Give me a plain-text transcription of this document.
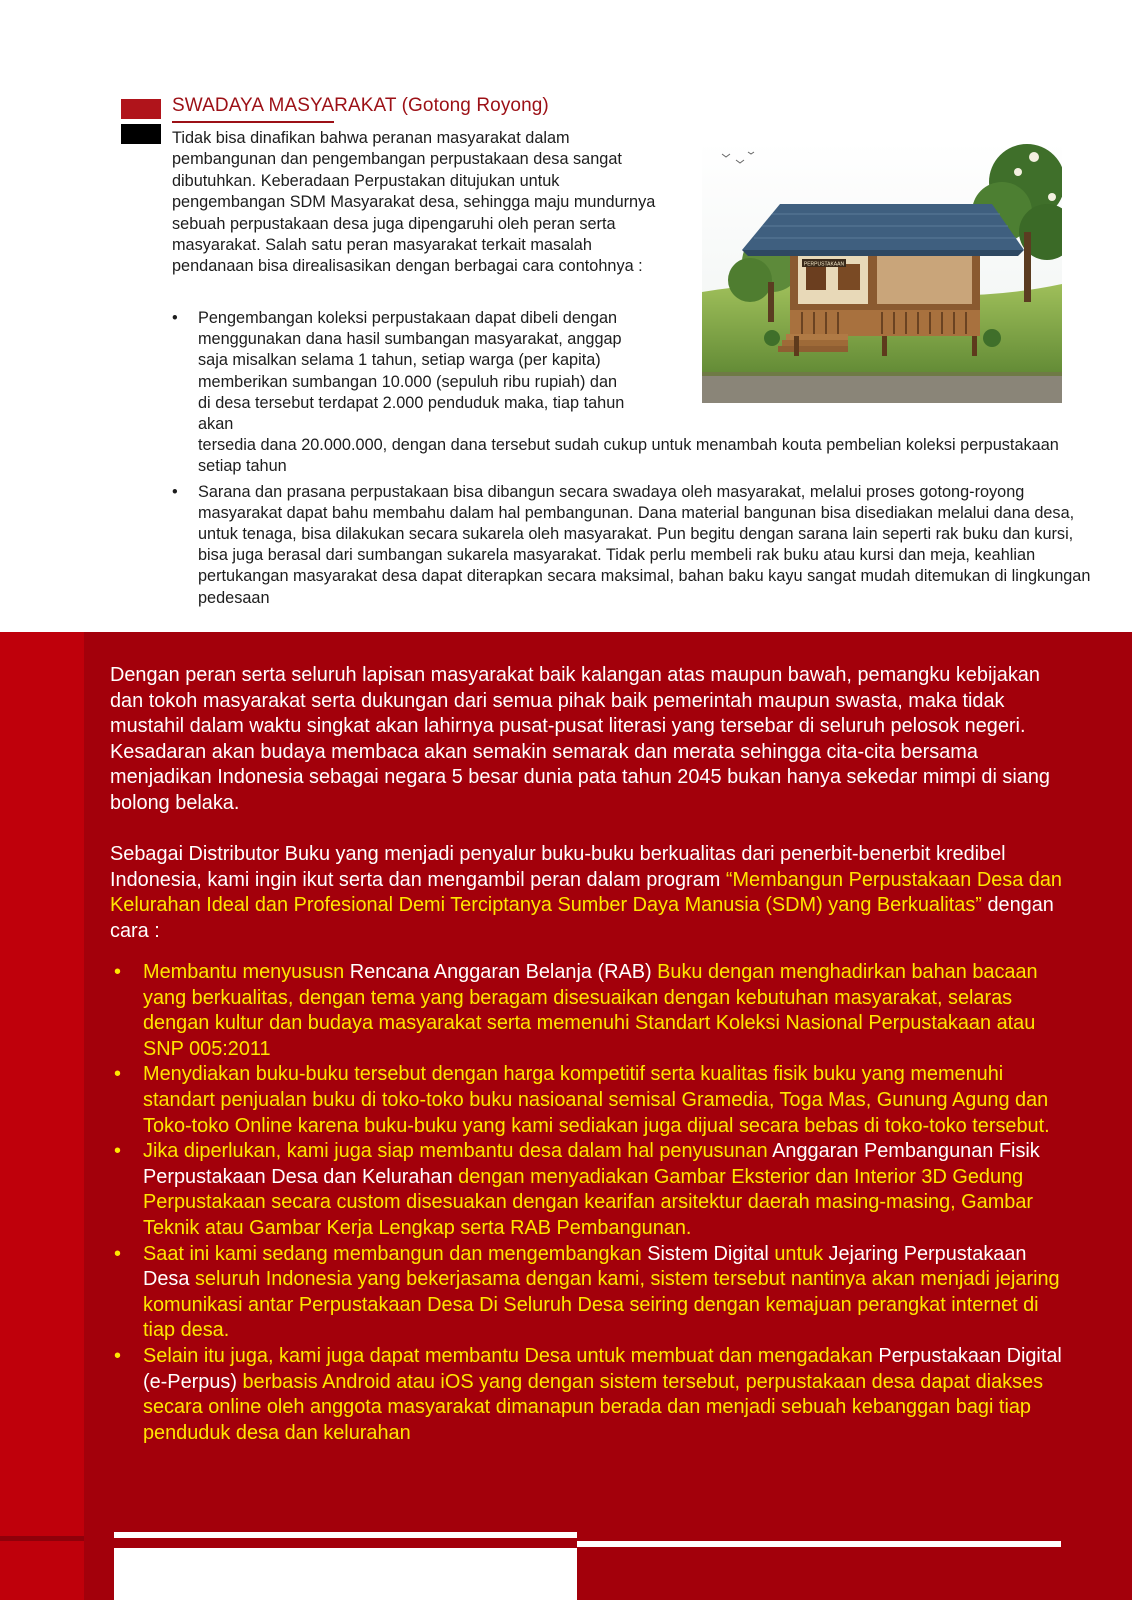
SWADAYA MASYARAKAT (Gotong Royong)

Tidak bisa dinafikan bahwa peranan masyarakat dalam pembangunan dan pengembangan perpustakaan desa sangat dibutuhkan. Keberadaan Perpustakan ditujukan untuk pengembangan SDM Masyarakat desa, sehingga maju mundurnya sebuah perpustakaan desa juga dipengaruhi oleh peran serta masyarakat. Salah satu peran masyarakat terkait masalah pendanaan bisa direalisasikan dengan berbagai cara contohnya :	PERPUSTAKAAN
• Pengembangan koleksi perpustakaan dapat dibeli dengan menggunakan dana hasil sumbangan masyarakat, anggap saja misalkan selama 1 tahun, setiap warga (per kapita) memberikan sumbangan 10.000 (sepuluh ribu rupiah) dan di desa tersebut terdapat 2.000 penduduk maka, tiap tahun akan
tersedia dana 20.000.000, dengan dana tersebut sudah cukup untuk menambah kouta pembelian koleksi perpustakaan setiap tahun
• Sarana dan prasana perpustakaan bisa dibangun secara swadaya oleh masyarakat, melalui proses gotong-royong masyarakat dapat bahu membahu dalam hal pembangunan. Dana material bangunan bisa disediakan melalui dana desa, untuk tenaga, bisa dilakukan secara sukarela oleh masyarakat. Pun begitu dengan sarana lain seperti rak buku dan kursi, bisa juga berasal dari sumbangan sukarela masyarakat. Tidak perlu membeli rak buku atau kursi dan meja, keahlian pertukangan masyarakat desa dapat diterapkan secara maksimal, bahan baku kayu sangat mudah ditemukan di lingkungan pedesaan

Dengan peran serta seluruh lapisan masyarakat baik kalangan atas maupun bawah, pemangku kebijakan dan tokoh masyarakat serta dukungan dari semua pihak baik pemerintah maupun swasta, maka tidak mustahil dalam waktu singkat akan lahirnya pusat-pusat literasi yang tersebar di seluruh pelosok negeri. Kesadaran akan budaya membaca akan semakin semarak dan merata sehingga cita-cita bersama menjadikan Indonesia sebagai negara 5 besar dunia pata tahun 2045 bukan hanya sekedar mimpi di siang bolong belaka.

Sebagai Distributor Buku yang menjadi penyalur buku-buku berkualitas dari penerbit-benerbit kredibel Indonesia, kami ingin ikut serta dan mengambil peran dalam program “Membangun Perpustakaan Desa dan Kelurahan Ideal dan Profesional Demi Terciptanya Sumber Daya Manusia (SDM) yang Berkualitas” dengan cara :

• Membantu menyususn Rencana Anggaran Belanja (RAB) Buku dengan menghadirkan bahan bacaan yang berkualitas, dengan tema yang beragam disesuaikan dengan kebutuhan masyarakat, selaras dengan kultur dan budaya masyarakat serta memenuhi Standart Koleksi Nasional Perpustakaan atau SNP 005:2011
• Menydiakan buku-buku tersebut dengan harga kompetitif serta kualitas fisik buku yang memenuhi standart penjualan buku di toko-toko buku nasioanal semisal Gramedia, Toga Mas, Gunung Agung dan Toko-toko Online karena buku-buku yang kami sediakan juga dijual secara bebas di toko-toko tersebut.
• Jika diperlukan, kami juga siap membantu desa dalam hal penyusunan Anggaran Pembangunan Fisik Perpustakaan Desa dan Kelurahan dengan menyadiakan Gambar Eksterior dan Interior 3D Gedung Perpustakaan secara custom disesuakan dengan kearifan arsitektur daerah masing-masing, Gambar Teknik atau Gambar Kerja Lengkap serta RAB Pembangunan.
• Saat ini kami sedang membangun dan mengembangkan Sistem Digital untuk Jejaring Perpustakaan Desa seluruh Indonesia yang bekerjasama dengan kami, sistem tersebut nantinya akan menjadi jejaring komunikasi antar Perpustakaan Desa Di Seluruh Desa seiring dengan kemajuan perangkat internet di tiap desa.
• Selain itu juga, kami juga dapat membantu Desa untuk membuat dan mengadakan Perpustakaan Digital (e-Perpus) berbasis Android atau iOS yang dengan sistem tersebut, perpustakaan desa dapat diakses secara online oleh anggota masyarakat dimanapun berada dan menjadi sebuah kebanggan bagi tiap penduduk desa dan kelurahan
